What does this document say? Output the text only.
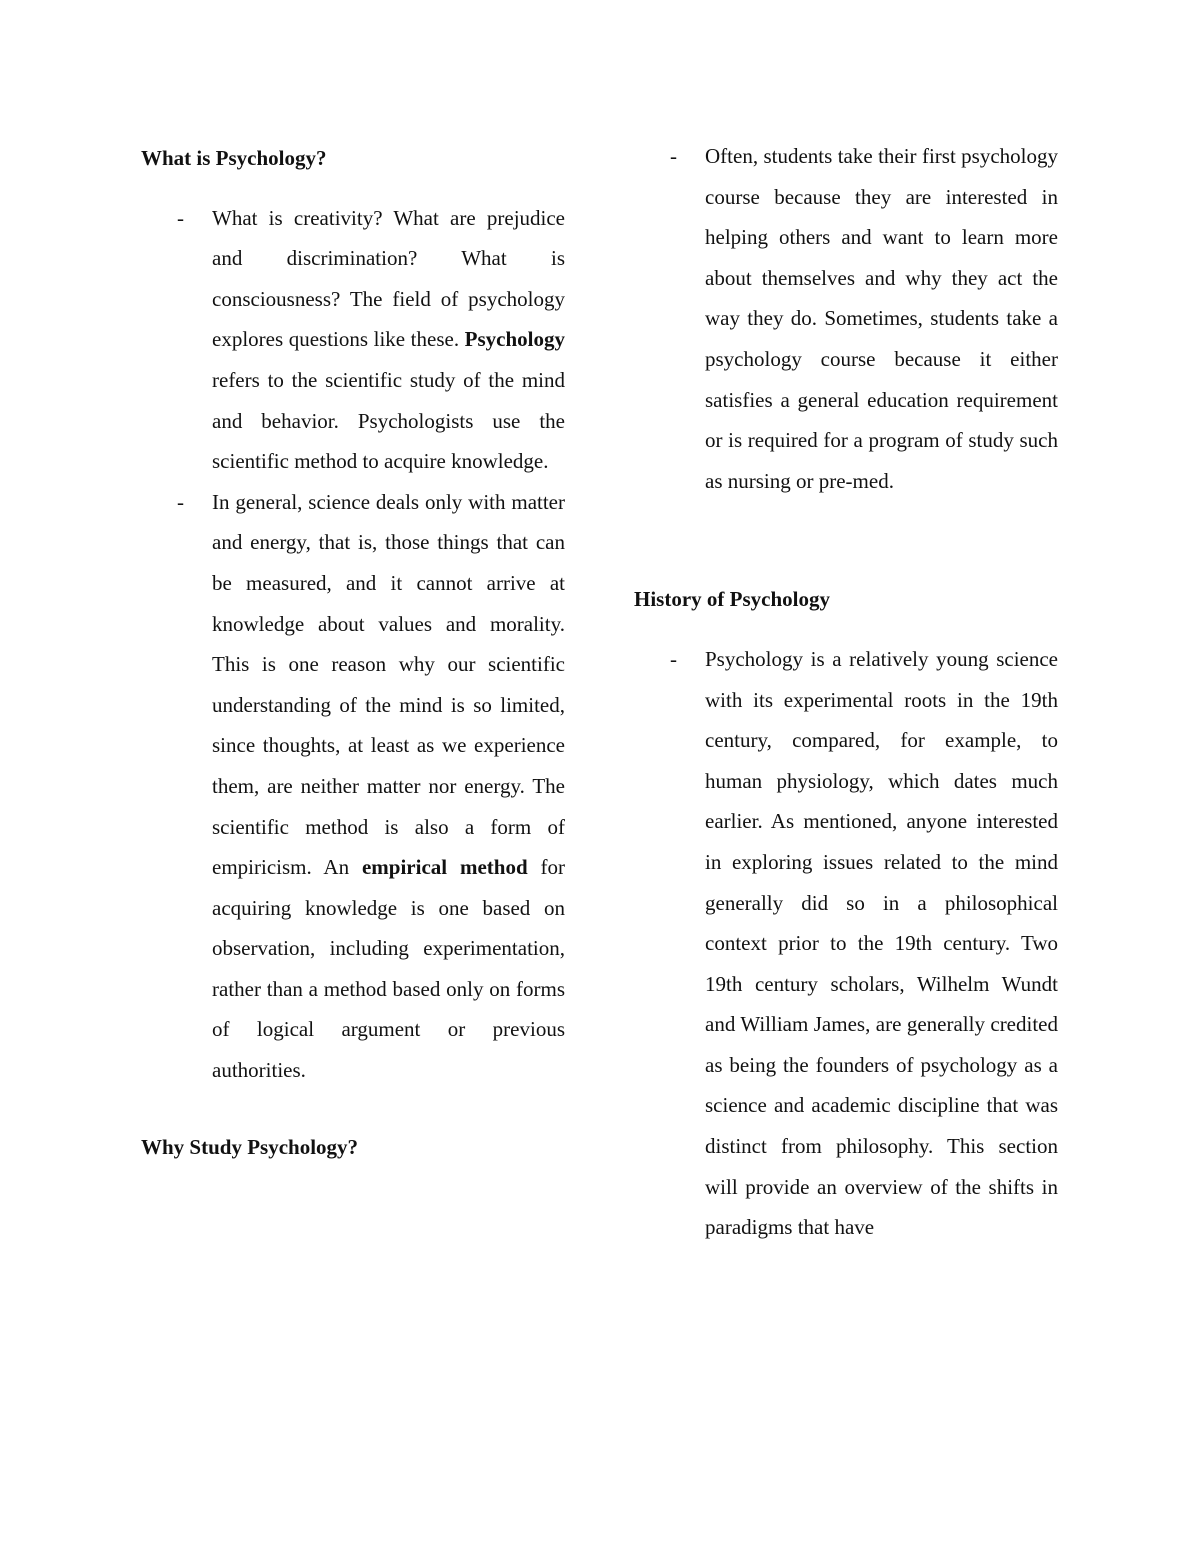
What is Psychology?

- What is creativity? What are prejudice and discrimination? What is consciousness? The field of psychology explores questions like these. Psychology refers to the scientific study of the mind and behavior. Psychologists use the scientific method to acquire knowledge.
- In general, science deals only with matter and energy, that is, those things that can be measured, and it cannot arrive at knowledge about values and morality. This is one reason why our scientific understanding of the mind is so limited, since thoughts, at least as we experience them, are neither matter nor energy. The scientific method is also a form of empiricism. An empirical method for acquiring knowledge is one based on observation, including experimentation, rather than a method based only on forms of logical argument or previous authorities.

Why Study Psychology?

- Often, students take their first psychology course because they are interested in helping others and want to learn more about themselves and why they act the way they do. Sometimes, students take a psychology course because it either satisfies a general education requirement or is required for a program of study such as nursing or pre-med.

History of Psychology

- Psychology is a relatively young science with its experimental roots in the 19th century, compared, for example, to human physiology, which dates much earlier. As mentioned, anyone interested in exploring issues related to the mind generally did so in a philosophical context prior to the 19th century. Two 19th century scholars, Wilhelm Wundt and William James, are generally credited as being the founders of psychology as a science and academic discipline that was distinct from philosophy. This section will provide an overview of the shifts in paradigms that have
